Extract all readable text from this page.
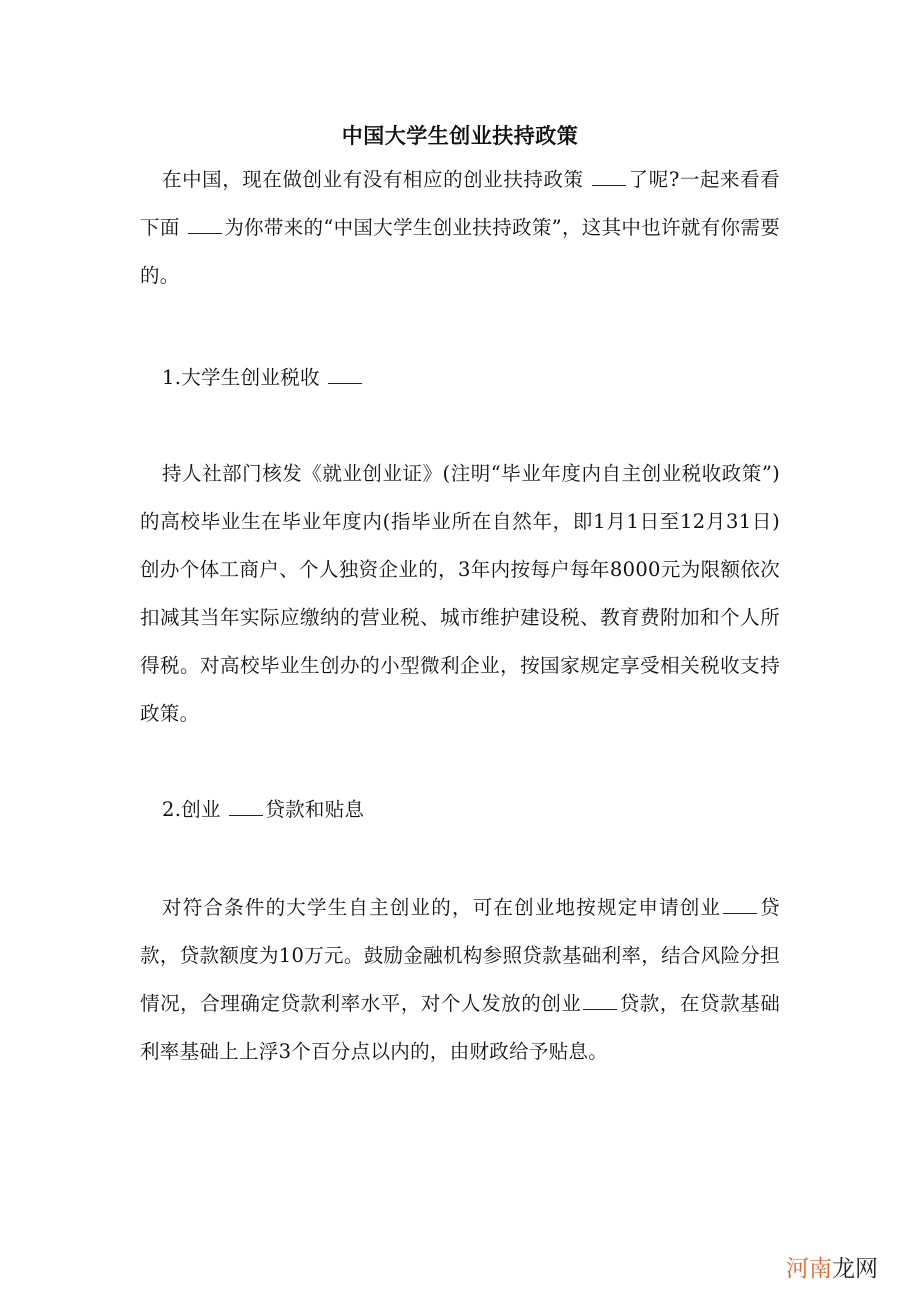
中国大学生创业扶持政策

在中国，现在做创业有没有相应的创业扶持政策 了呢?一起来看看下面 为你带来的“中国大学生创业扶持政策”，这其中也许就有你需要的。

1.大学生创业税收

持人社部门核发《就业创业证》(注明“毕业年度内自主创业税收政策”)的高校毕业生在毕业年度内(指毕业所在自然年，即1月1日至12月31日)创办个体工商户、个人独资企业的，3年内按每户每年8000元为限额依次扣减其当年实际应缴纳的营业税、城市维护建设税、教育费附加和个人所得税。对高校毕业生创办的小型微利企业，按国家规定享受相关税收支持政策。

2.创业 贷款和贴息

对符合条件的大学生自主创业的，可在创业地按规定申请创业 贷款，贷款额度为10万元。鼓励金融机构参照贷款基础利率，结合风险分担情况，合理确定贷款利率水平，对个人发放的创业 贷款，在贷款基础利率基础上上浮3个百分点以内的，由财政给予贴息。

河南龙网
